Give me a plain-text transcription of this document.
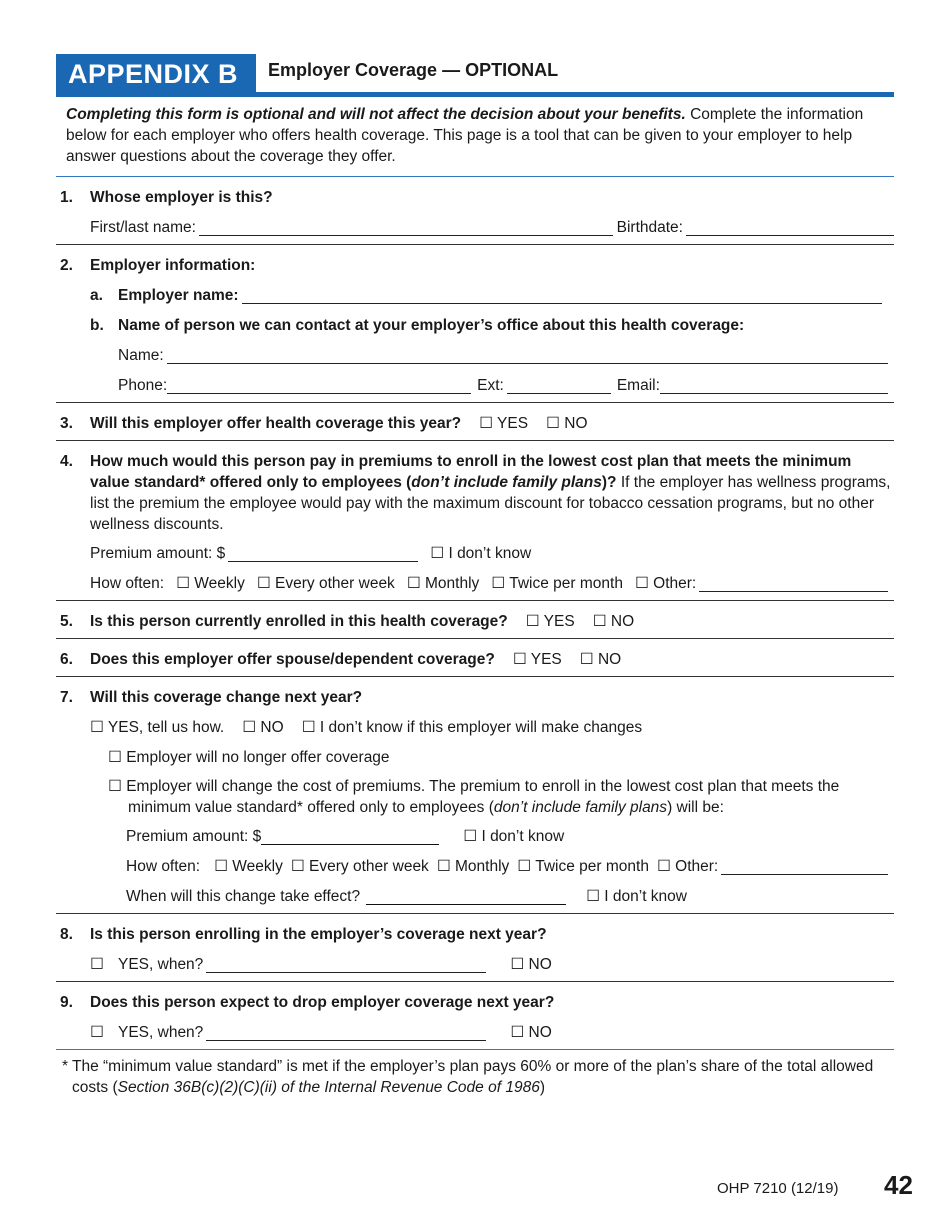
APPENDIX B	Employer Coverage — OPTIONAL
Completing this form is optional and will not affect the decision about your benefits. Complete the information below for each employer who offers health coverage. This page is a tool that can be given to your employer to help answer questions about the coverage they offer.
1.	Whose employer is this?
First/last name:	Birthdate:
2.	Employer information:
a. Employer name:
b. Name of person we can contact at your employer’s office about this health coverage:
Name:
Phone:	Ext:	Email:
3.	Will this employer offer health coverage this year? ☐ YES ☐ NO
4.	How much would this person pay in premiums to enroll in the lowest cost plan that meets the minimum value standard* offered only to employees (don’t include family plans)? If the employer has wellness programs, list the premium the employee would pay with the maximum discount for tobacco cessation programs, but no other wellness discounts.
Premium amount: $	☐ I don’t know
How often: ☐ Weekly ☐ Every other week ☐ Monthly ☐ Twice per month ☐ Other:
5.	Is this person currently enrolled in this health coverage? ☐ YES ☐ NO
6.	Does this employer offer spouse/dependent coverage? ☐ YES ☐ NO
7.	Will this coverage change next year?
☐ YES, tell us how. ☐ NO ☐ I don’t know if this employer will make changes
☐ Employer will no longer offer coverage
☐ Employer will change the cost of premiums. The premium to enroll in the lowest cost plan that meets the minimum value standard* offered only to employees (don’t include family plans) will be:
Premium amount: $	☐ I don’t know
How often: ☐ Weekly ☐ Every other week ☐ Monthly ☐ Twice per month ☐ Other:
When will this change take effect?	☐ I don’t know
8.	Is this person enrolling in the employer’s coverage next year?
☐ YES, when?	☐ NO
9.	Does this person expect to drop employer coverage next year?
☐ YES, when?	☐ NO
* The “minimum value standard” is met if the employer’s plan pays 60% or more of the plan’s share of the total allowed costs (Section 36B(c)(2)(C)(ii) of the Internal Revenue Code of 1986)
OHP 7210 (12/19) 42
